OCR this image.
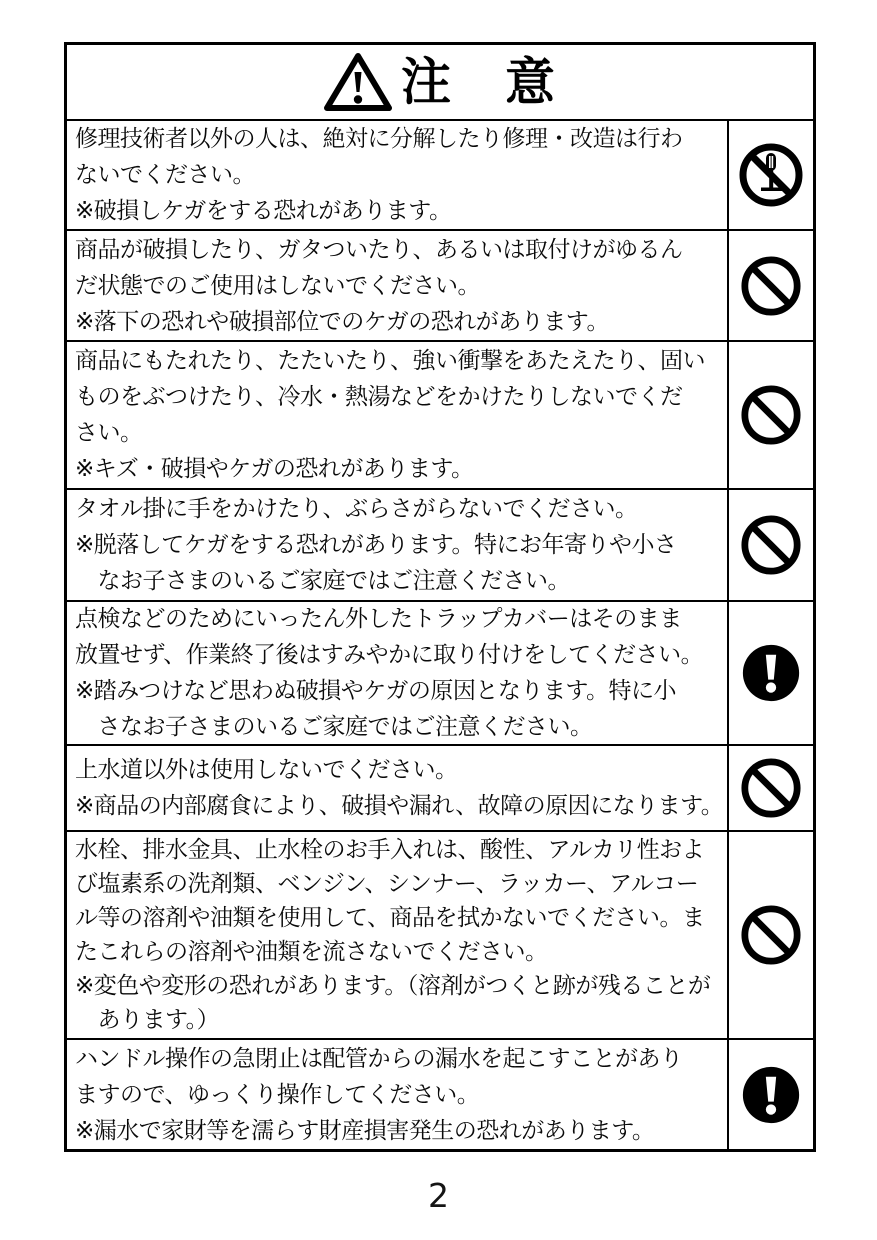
注　意
修理技術者以外の人は、絶対に分解したり修理・改造は行わ
ないでください。
※破損しケガをする恐れがあります。
商品が破損したり、ガタついたり、あるいは取付けがゆるん
だ状態でのご使用はしないでください。
※落下の恐れや破損部位でのケガの恐れがあります。
商品にもたれたり、たたいたり、強い衝撃をあたえたり、固い
ものをぶつけたり、冷水・熱湯などをかけたりしないでくだ
さい。
※キズ・破損やケガの恐れがあります。
タオル掛に手をかけたり、ぶらさがらないでください。
※脱落してケガをする恐れがあります。特にお年寄りや小さ
　なお子さまのいるご家庭ではご注意ください。
点検などのためにいったん外したトラップカバーはそのまま
放置せず、作業終了後はすみやかに取り付けをしてください。
※踏みつけなど思わぬ破損やケガの原因となります。特に小
　さなお子さまのいるご家庭ではご注意ください。
上水道以外は使用しないでください。
※商品の内部腐食により、破損や漏れ、故障の原因になります。
水栓、排水金具、止水栓のお手入れは、酸性、アルカリ性およ
び塩素系の洗剤類、ベンジン、シンナー、ラッカー、アルコー
ル等の溶剤や油類を使用して、商品を拭かないでください。ま
たこれらの溶剤や油類を流さないでください。
※変色や変形の恐れがあります。（溶剤がつくと跡が残ることが
　あります。）
ハンドル操作の急閉止は配管からの漏水を起こすことがあり
ますので、ゆっくり操作してください。
※漏水で家財等を濡らす財産損害発生の恐れがあります。
2
